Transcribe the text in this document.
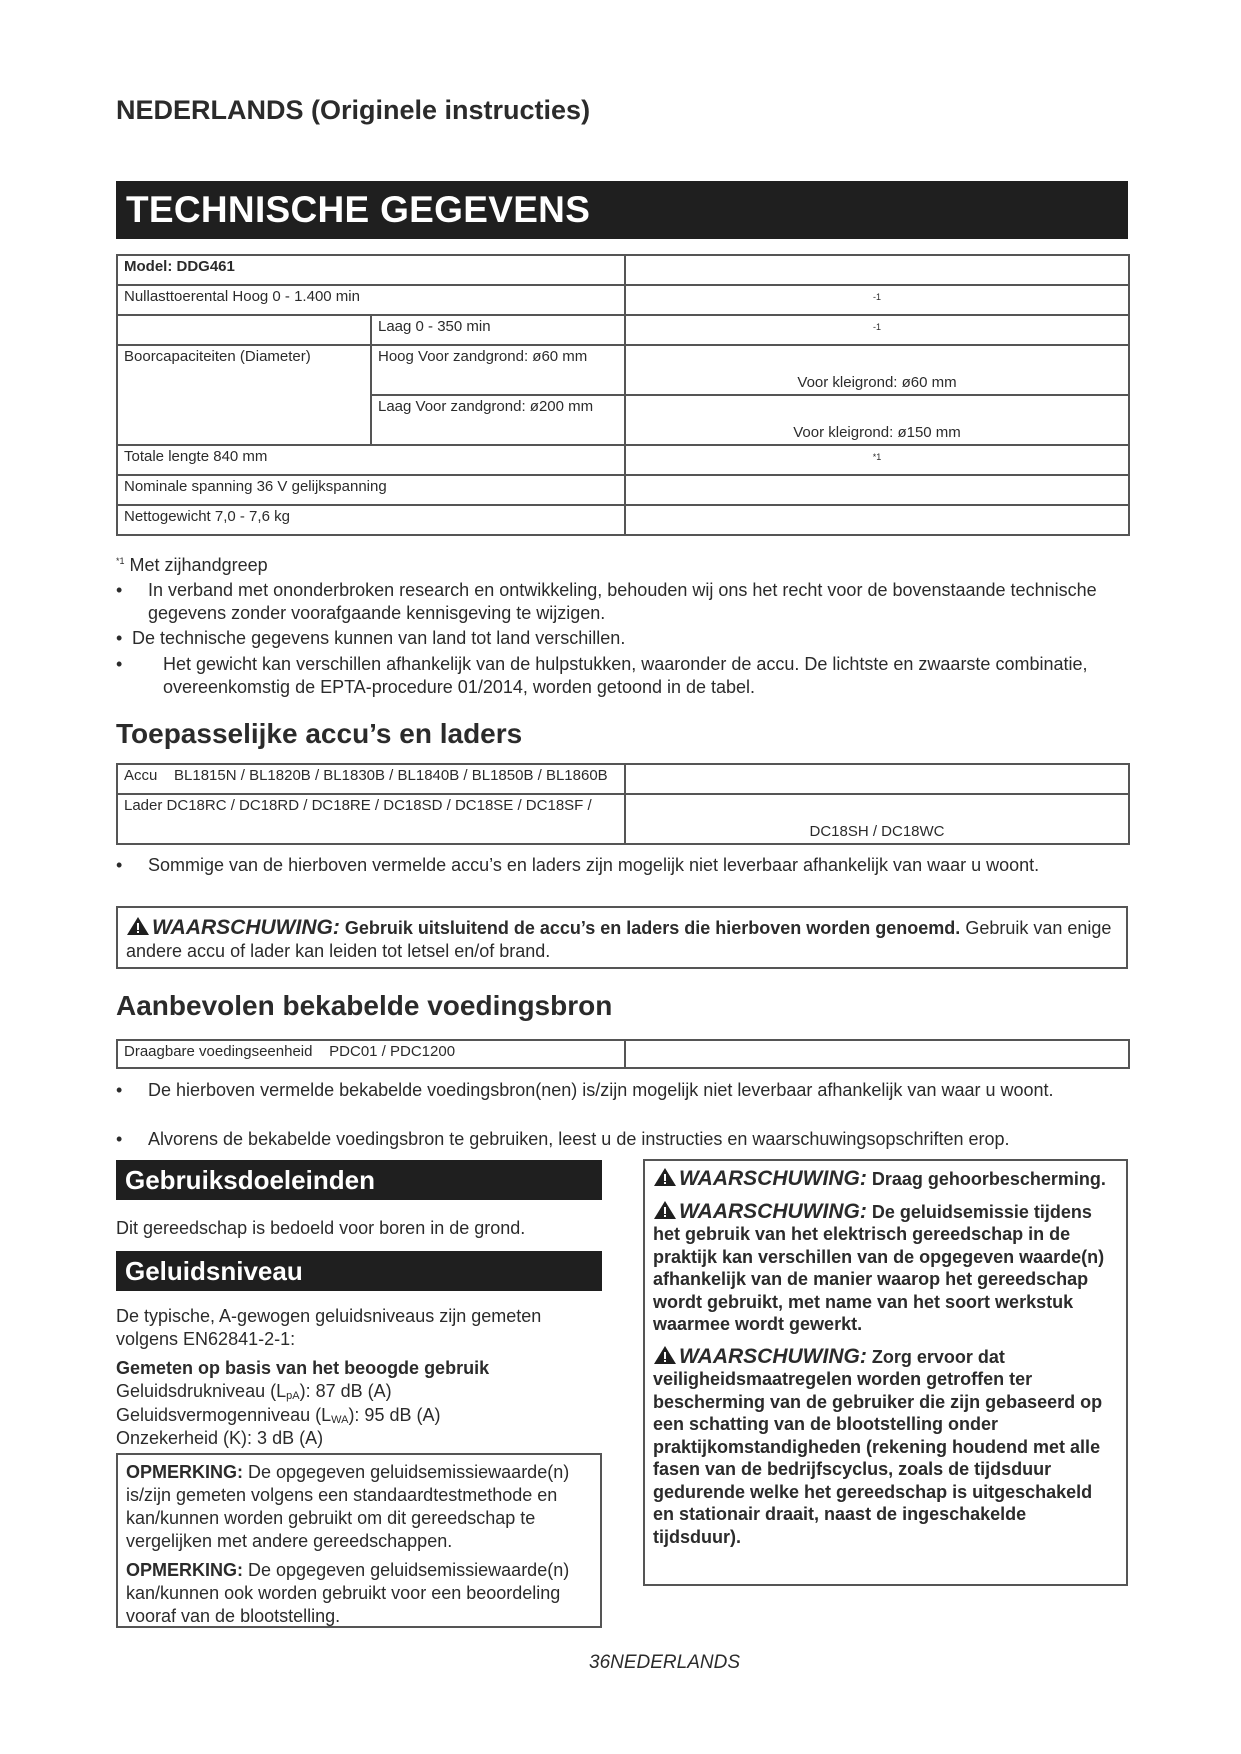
NEDERLANDS (Originele instructies)
TECHNISCHE GEGEVENS
Model: DDG461		
Nullasttoerental Hoog 0 - 1.400 min		$^{-1}$
	Laag 0 - 350 min	$^{-1}$
Boorcapaciteiten (Diameter)	Hoog Voor zandgrond: ø60 mm	Voor kleigrond: ø60 mm
	Laag Voor zandgrond: ø200 mm	Voor kleigrond: ø150 mm
Totale lengte 840 mm		$^{*1}$
Nominale spanning 36 V gelijkspanning		
Nettogewicht 7,0 - 7,6 kg		
$^{*1}$ Met zijhandgreep
• In verband met ononderbroken research en ontwikkeling, behouden wij ons het recht voor de bovenstaande technische gegevens zonder voorafgaande kennisgeving te wijzigen.
• De technische gegevens kunnen van land tot land verschillen.
• Het gewicht kan verschillen afhankelijk van de hulpstukken, waaronder de accu. De lichtste en zwaarste combinatie, overeenkomstig de EPTA-procedure 01/2014, worden getoond in de tabel.
Toepasselijke accu’s en laders
Accu    BL1815N / BL1820B / BL1830B / BL1840B / BL1850B / BL1860B	
Lader DC18RC / DC18RD / DC18RE / DC18SD / DC18SE / DC18SF /	DC18SH / DC18WC
• Sommige van de hierboven vermelde accu’s en laders zijn mogelijk niet leverbaar afhankelijk van waar u woont.
WAARSCHUWING: Gebruik uitsluitend de accu’s en laders die hierboven worden genoemd. Gebruik van enige andere accu of lader kan leiden tot letsel en/of brand.
Aanbevolen bekabelde voedingsbron
Draagbare voedingseenheid    PDC01 / PDC1200	
• De hierboven vermelde bekabelde voedingsbron(nen) is/zijn mogelijk niet leverbaar afhankelijk van waar u woont.
• Alvorens de bekabelde voedingsbron te gebruiken, leest u de instructies en waarschuwingsopschriften erop.
Gebruiksdoeleinden
Dit gereedschap is bedoeld voor boren in de grond.
Geluidsniveau
De typische, A-gewogen geluidsniveaus zijn gemeten volgens EN62841-2-1:
Gemeten op basis van het beoogde gebruik
Geluidsdrukniveau (LpA): 87 dB (A)
Geluidsvermogenniveau (LWA): 95 dB (A)
Onzekerheid (K): 3 dB (A)
OPMERKING: De opgegeven geluidsemissiewaarde(n) is/zijn gemeten volgens een standaardtestmethode en kan/kunnen worden gebruikt om dit gereedschap te vergelijken met andere gereedschappen.
OPMERKING: De opgegeven geluidsemissiewaarde(n) kan/kunnen ook worden gebruikt voor een beoordeling vooraf van de blootstelling.
WAARSCHUWING: Draag gehoorbescherming.
WAARSCHUWING: De geluidsemissie tijdens het gebruik van het elektrisch gereedschap in de praktijk kan verschillen van de opgegeven waarde(n) afhankelijk van de manier waarop het gereedschap wordt gebruikt, met name van het soort werkstuk waarmee wordt gewerkt.
WAARSCHUWING: Zorg ervoor dat veiligheidsmaatregelen worden getroffen ter bescherming van de gebruiker die zijn gebaseerd op een schatting van de blootstelling onder praktijkomstandigheden (rekening houdend met alle fasen van de bedrijfscyclus, zoals de tijdsduur gedurende welke het gereedschap is uitgeschakeld en stationair draait, naast de ingeschakelde tijdsduur).
36NEDERLANDS
